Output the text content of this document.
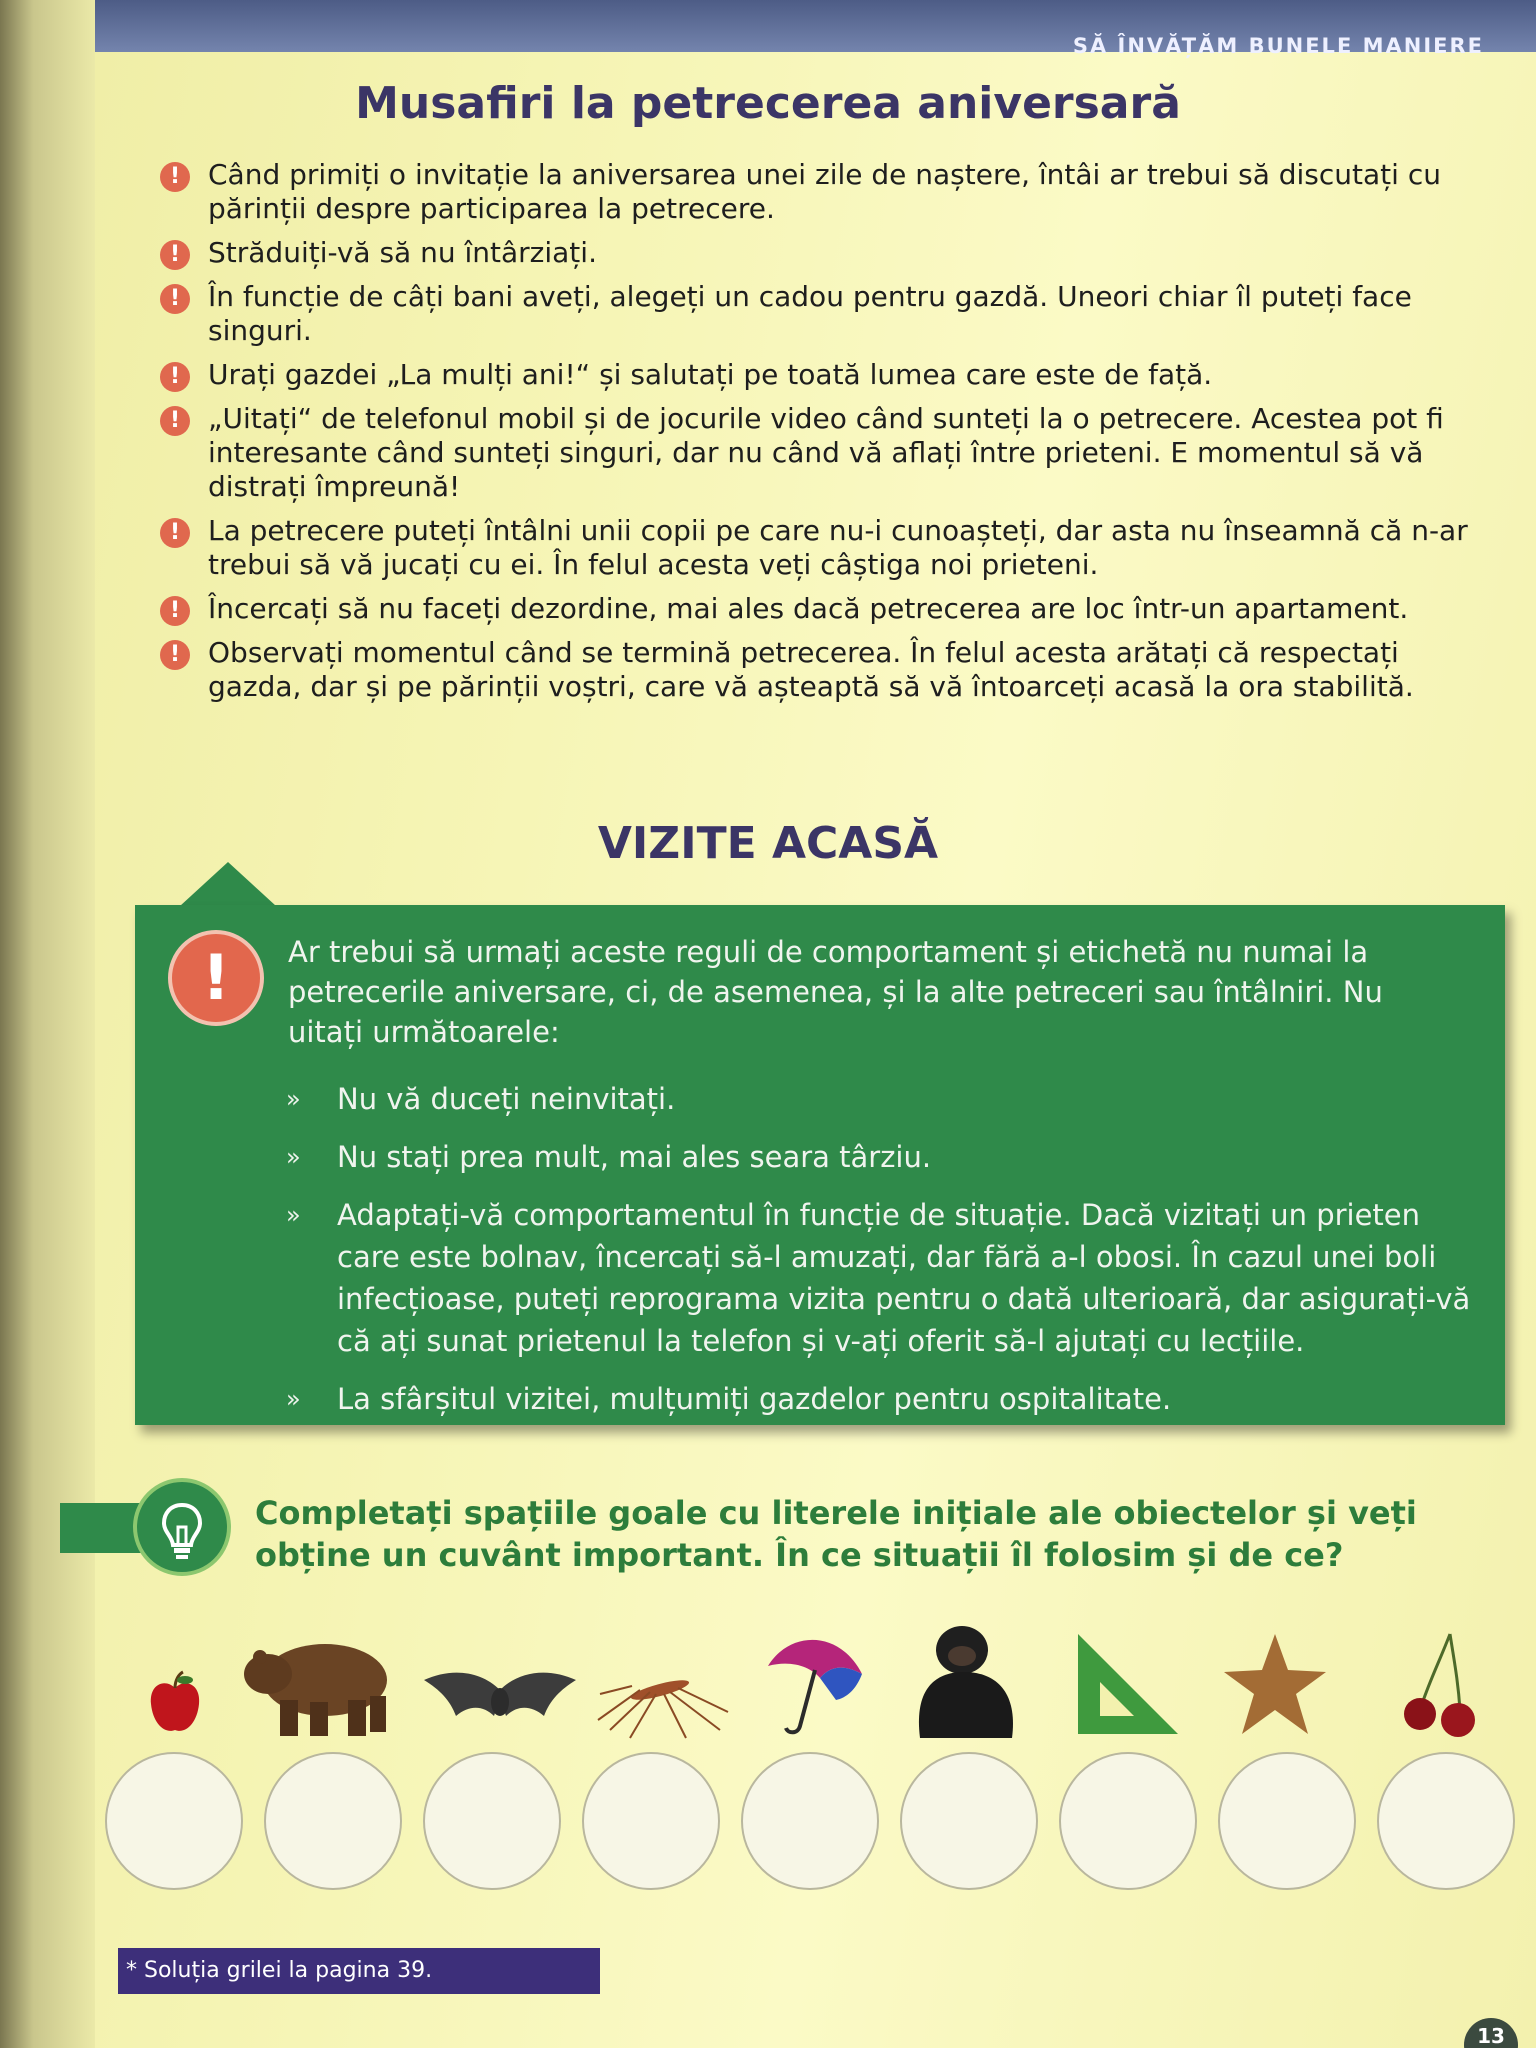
SĂ ÎNVĂȚĂM BUNELE MANIERE
Musafiri la petrecerea aniversară
! Când primiți o invitație la aniversarea unei zile de naștere, întâi ar trebui să discutați cu părinții despre participarea la petrecere.
! Străduiți-vă să nu întârziați.
! În funcție de câți bani aveți, alegeți un cadou pentru gazdă. Uneori chiar îl puteți face singuri.
! Urați gazdei „La mulți ani!“ și salutați pe toată lumea care este de față.
! „Uitați“ de telefonul mobil și de jocurile video când sunteți la o petrecere. Acestea pot fi interesante când sunteți singuri, dar nu când vă aflați între prieteni. E momentul să vă distrați împreună!
! La petrecere puteți întâlni unii copii pe care nu-i cunoașteți, dar asta nu înseamnă că n-ar trebui să vă jucați cu ei. În felul acesta veți câștiga noi prieteni.
! Încercați să nu faceți dezordine, mai ales dacă petrecerea are loc într-un apartament.
! Observați momentul când se termină petrecerea. În felul acesta arătați că respectați gazda, dar și pe părinții voștri, care vă așteaptă să vă întoarceți acasă la ora stabilită.
VIZITE ACASĂ
!	Ar trebui să urmați aceste reguli de comportament și etichetă nu numai la petrecerile aniversare, ci, de asemenea, și la alte petreceri sau întâlniri. Nu uitați următoarele:
» Nu vă duceți neinvitați.
» Nu stați prea mult, mai ales seara târziu.
» Adaptați-vă comportamentul în funcție de situație. Dacă vizitați un prieten care este bolnav, încercați să-l amuzați, dar fără a-l obosi. În cazul unei boli infecțioase, puteți reprograma vizita pentru o dată ulterioară, dar asigurați-vă că ați sunat prietenul la telefon și v-ați oferit să-l ajutați cu lecțiile.
» La sfârșitul vizitei, mulțumiți gazdelor pentru ospitalitate.
Completați spațiile goale cu literele inițiale ale obiectelor și veți obține un cuvânt important. În ce situații îl folosim și de ce?
* Soluția grilei la pagina 39.
13
